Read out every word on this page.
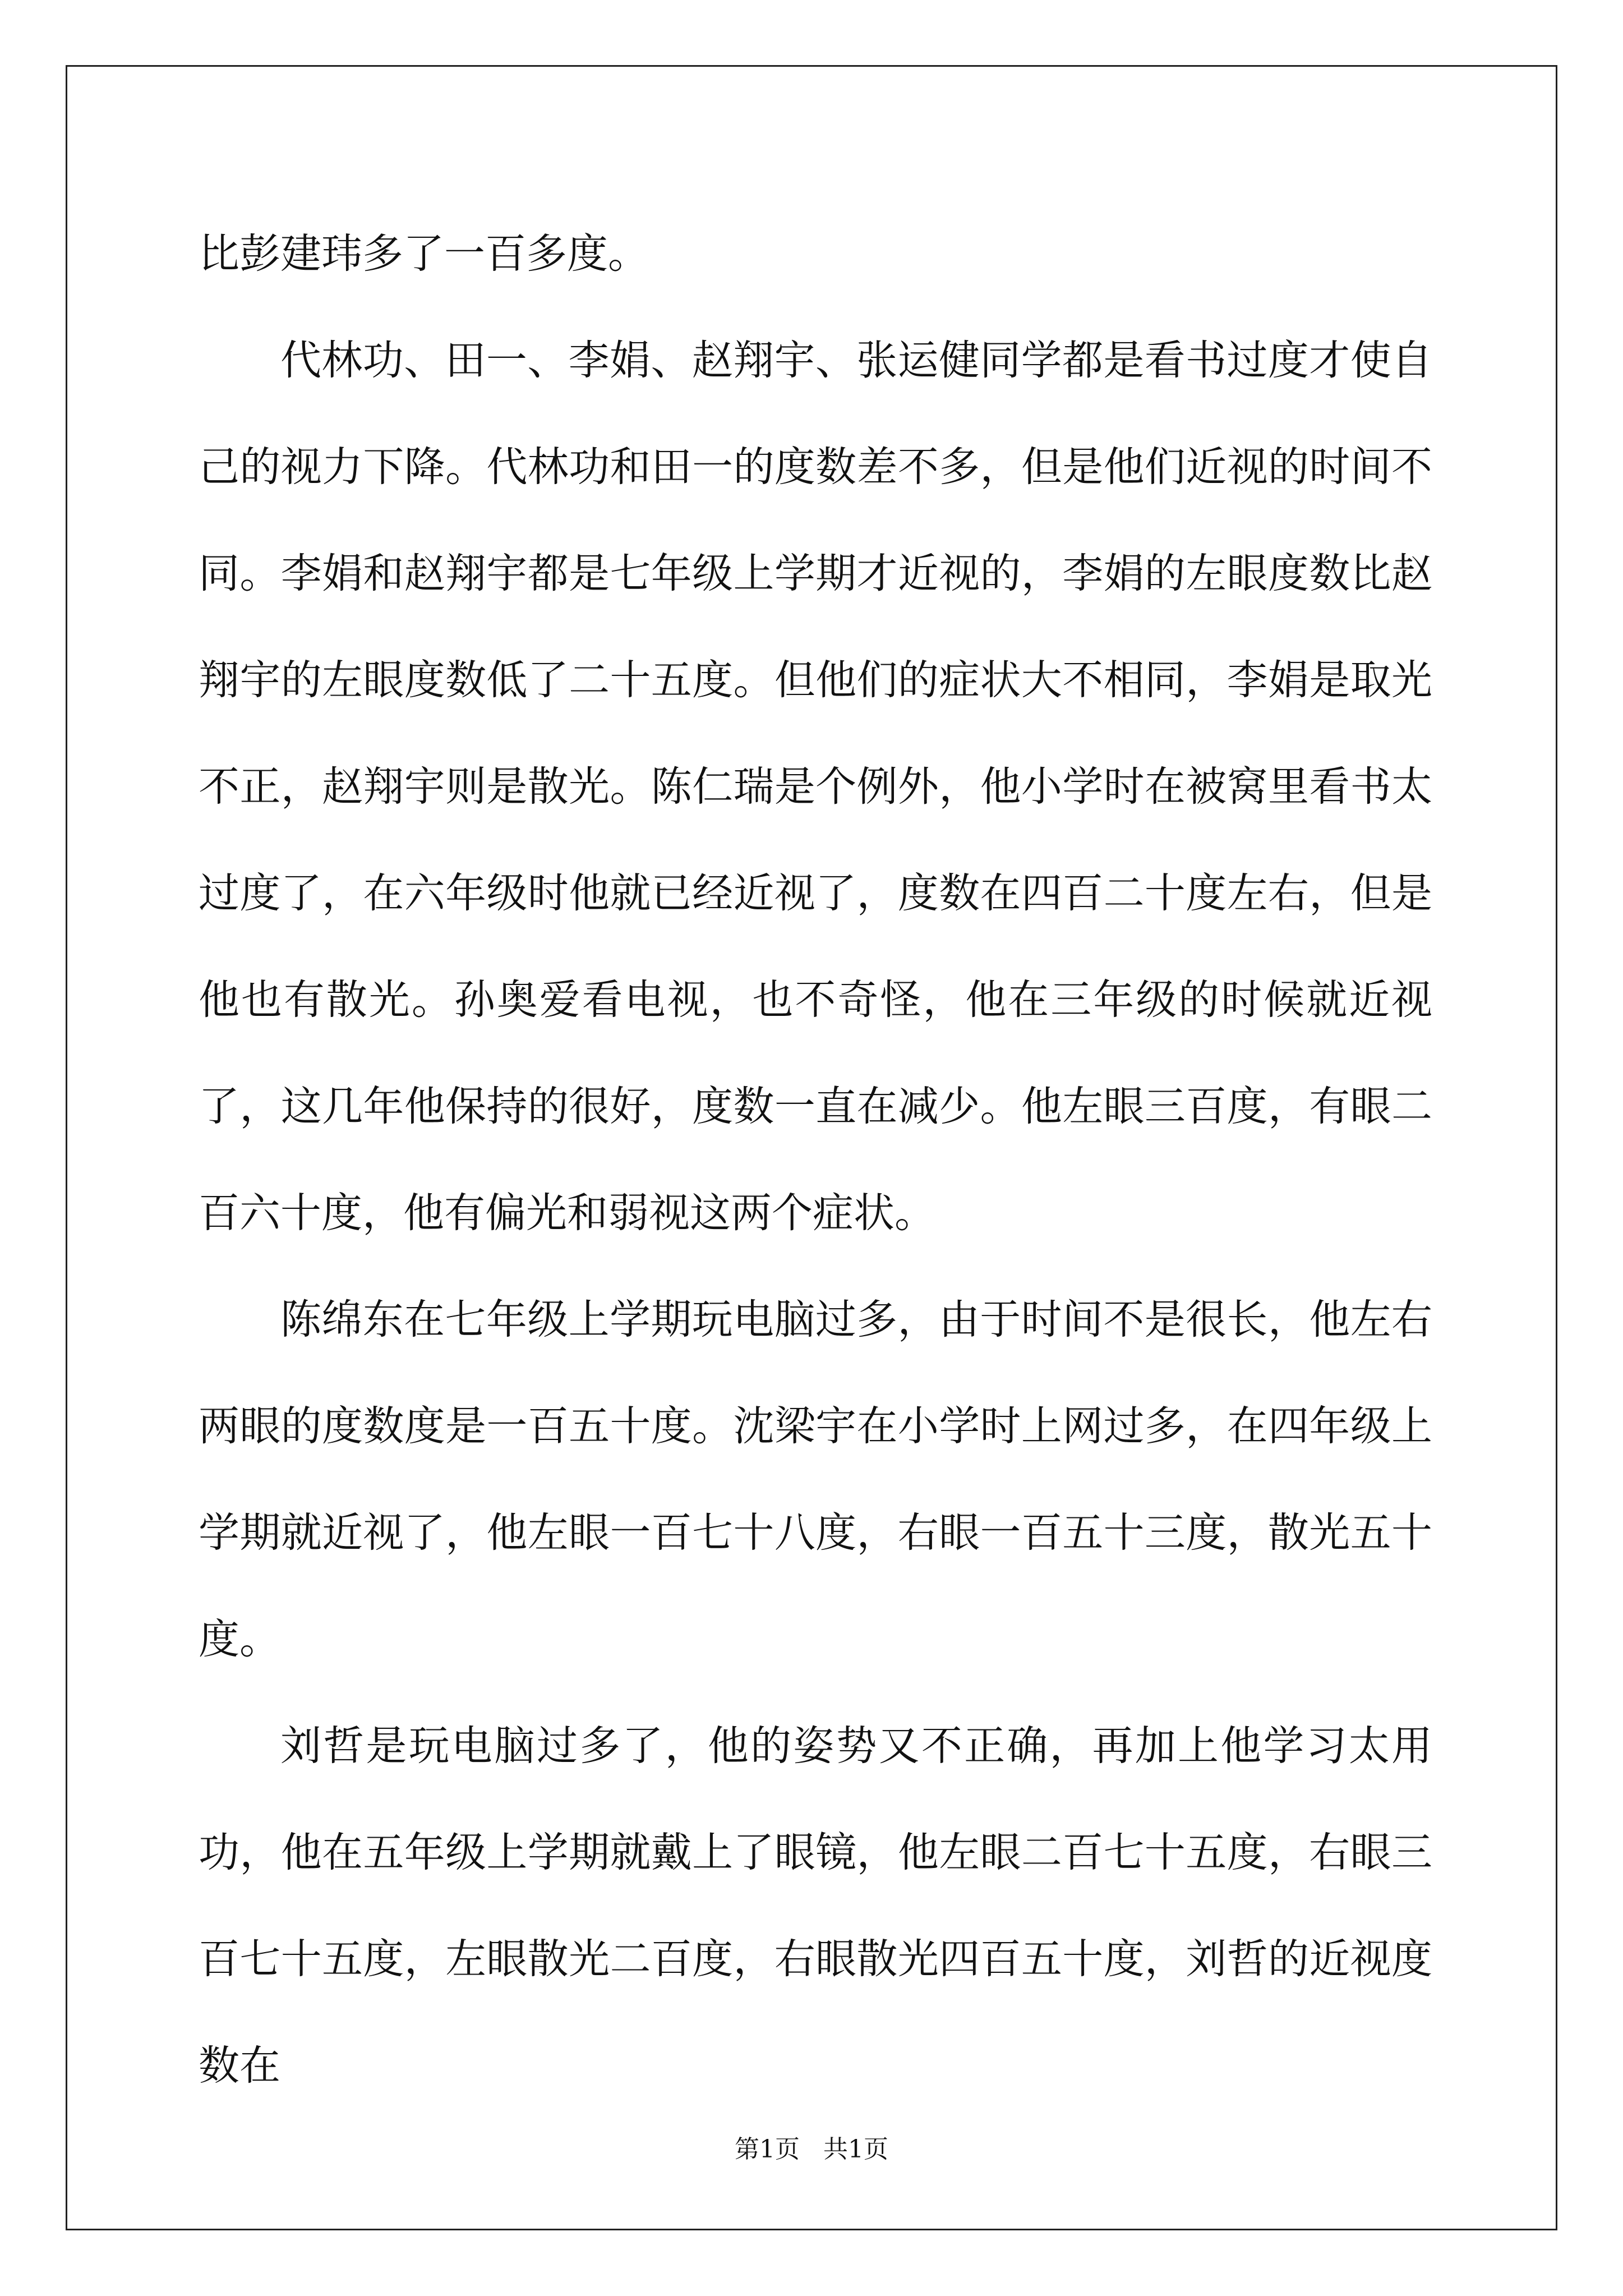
比彭建玮多了一百多度。

代林功、田一、李娟、赵翔宇、张运健同学都是看书过度才使自己的视力下降。代林功和田一的度数差不多，但是他们近视的时间不同。李娟和赵翔宇都是七年级上学期才近视的，李娟的左眼度数比赵翔宇的左眼度数低了二十五度。但他们的症状大不相同，李娟是取光不正，赵翔宇则是散光。陈仁瑞是个例外，他小学时在被窝里看书太过度了，在六年级时他就已经近视了，度数在四百二十度左右，但是他也有散光。孙奥爱看电视，也不奇怪，他在三年级的时候就近视了，这几年他保持的很好，度数一直在减少。他左眼三百度，有眼二百六十度，他有偏光和弱视这两个症状。

陈绵东在七年级上学期玩电脑过多，由于时间不是很长，他左右两眼的度数度是一百五十度。沈梁宇在小学时上网过多，在四年级上学期就近视了，他左眼一百七十八度，右眼一百五十三度，散光五十度。

刘哲是玩电脑过多了，他的姿势又不正确，再加上他学习太用功，他在五年级上学期就戴上了眼镜，他左眼二百七十五度，右眼三百七十五度，左眼散光二百度，右眼散光四百五十度，刘哲的近视度数在

第1页   共1页
